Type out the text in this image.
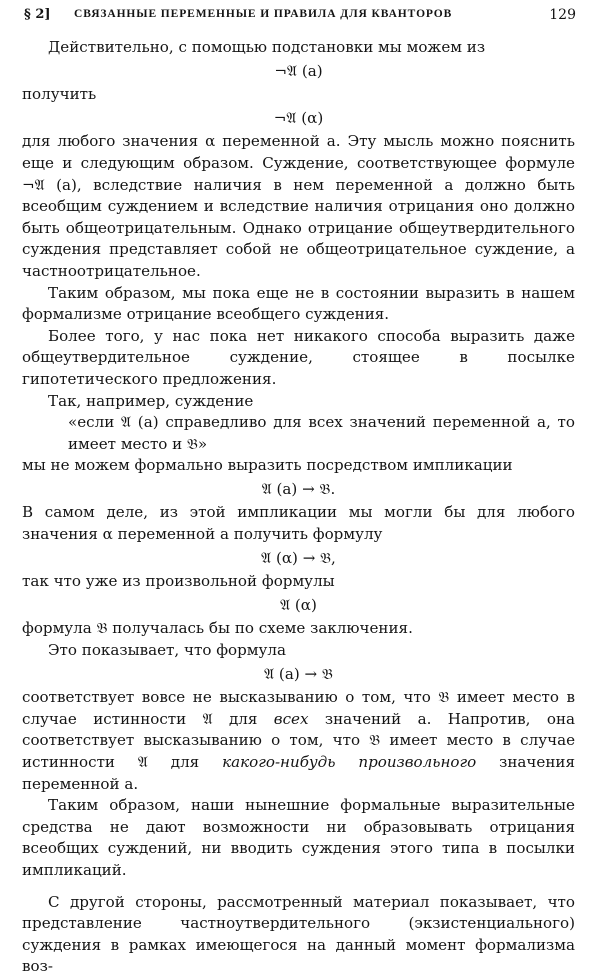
§ 2] СВЯЗАННЫЕ ПЕРЕМЕННЫЕ И ПРАВИЛА ДЛЯ КВАНТОРОВ	129

Действительно, с помощью подстановки мы можем из

¬𝔄 (a)

получить

¬𝔄 (α)

для любого значения α переменной a. Эту мысль можно пояснить еще и следующим образом. Суждение, соответствующее формуле ¬𝔄 (a), вследствие наличия в нем переменной a должно быть всеобщим суждением и вследствие наличия отрицания оно должно быть общеотрицательным. Однако отрицание общеутвердительного суждения представляет собой не общеотрицательное суждение, а частноотрицательное.

Таким образом, мы пока еще не в состоянии выразить в нашем формализме отрицание всеобщего суждения.

Более того, у нас пока нет никакого способа выразить даже общеутвердительное суждение, стоящее в посылке гипотетического предложения.

Так, например, суждение

«если 𝔄 (a) справедливо для всех значений переменной a, то имеет место и 𝔅»

мы не можем формально выразить посредством импликации

𝔄 (a) → 𝔅.

В самом деле, из этой импликации мы могли бы для любого значения α переменной a получить формулу

𝔄 (α) → 𝔅,

так что уже из произвольной формулы

𝔄 (α)

формула 𝔅 получалась бы по схеме заключения.

Это показывает, что формула

𝔄 (a) → 𝔅

соответствует вовсе не высказыванию о том, что 𝔅 имеет место в случае истинности 𝔄 для всех значений a. Напротив, она соответствует высказыванию о том, что 𝔅 имеет место в случае истинности 𝔄 для какого-нибудь произвольного значения переменной a.

Таким образом, наши нынешние формальные выразительные средства не дают возможности ни образовывать отрицания всеобщих суждений, ни вводить суждения этого типа в посылки импликаций.

С другой стороны, рассмотренный материал показывает, что представление частноутвердительного (экзистенциального) суждения в рамках имеющегося на данный момент формализма воз-
